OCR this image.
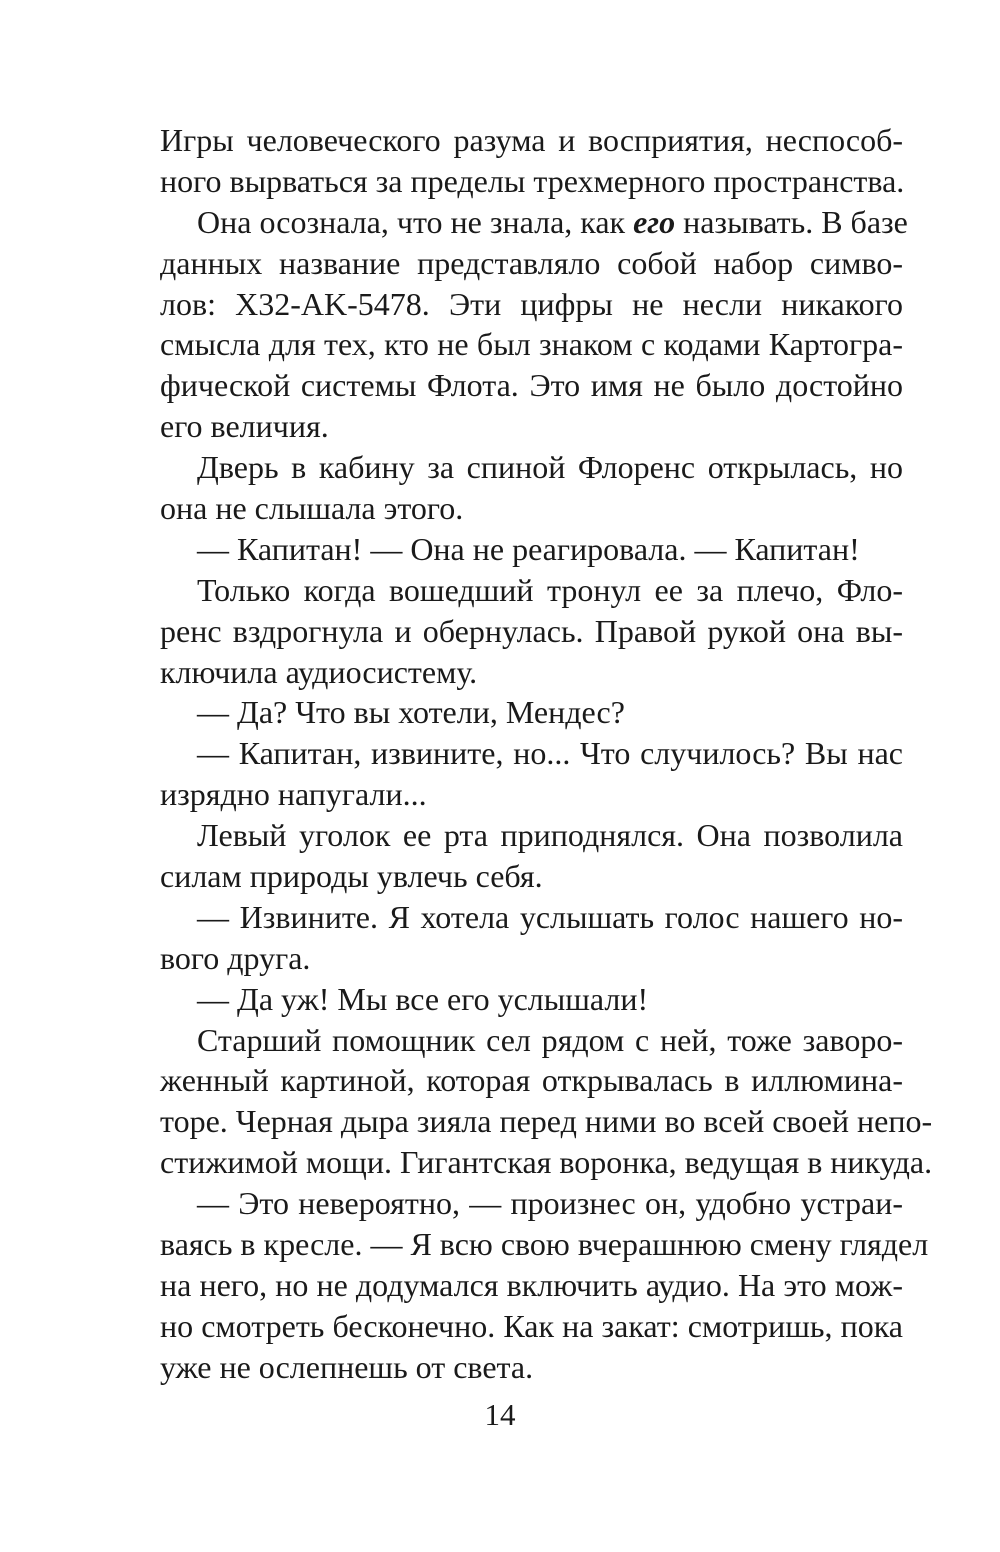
Игры человеческого разума и восприятия, неспособ-
ного вырваться за пределы трехмерного пространства.
Она осознала, что не знала, как его называть. В базе
данных название представляло собой набор симво-
лов: X32-AK-5478. Эти цифры не несли никакого
смысла для тех, кто не был знаком с кодами Картогра-
фической системы Флота. Это имя не было достойно
его величия.
Дверь в кабину за спиной Флоренс открылась, но
она не слышала этого.
— Капитан! — Она не реагировала. — Капитан!
Только когда вошедший тронул ее за плечо, Фло-
ренс вздрогнула и обернулась. Правой рукой она вы-
ключила аудиосистему.
— Да? Что вы хотели, Мендес?
— Капитан, извините, но... Что случилось? Вы нас
изрядно напугали...
Левый уголок ее рта приподнялся. Она позволила
силам природы увлечь себя.
— Извините. Я хотела услышать голос нашего но-
вого друга.
— Да уж! Мы все его услышали!
Старший помощник сел рядом с ней, тоже заворо-
женный картиной, которая открывалась в иллюмина-
торе. Черная дыра зияла перед ними во всей своей непо-
стижимой мощи. Гигантская воронка, ведущая в никуда.
— Это невероятно, — произнес он, удобно устраи-
ваясь в кресле. — Я всю свою вчерашнюю смену глядел
на него, но не додумался включить аудио. На это мож-
но смотреть бесконечно. Как на закат: смотришь, пока
уже не ослепнешь от света.
14
